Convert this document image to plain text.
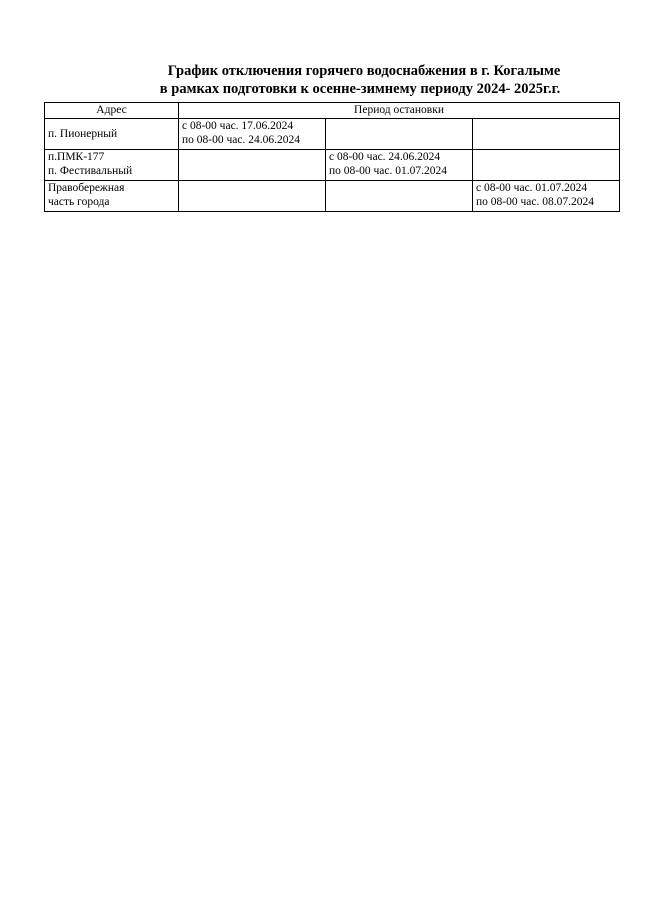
График отключения горячего водоснабжения в г. Когалыме
в рамках подготовки к осенне-зимнему периоду 2024- 2025г.г.
Адрес	Период остановки		

п. Пионерный	с 08-00 час. 17.06.2024
по 08-00 час. 24.06.2024		

п.ПМК-177
п. Фестивальный		с 08-00 час. 24.06.2024
по 08-00 час. 01.07.2024	

Правобережная
часть города			с 08-00 час. 01.07.2024
по 08-00 час. 08.07.2024
